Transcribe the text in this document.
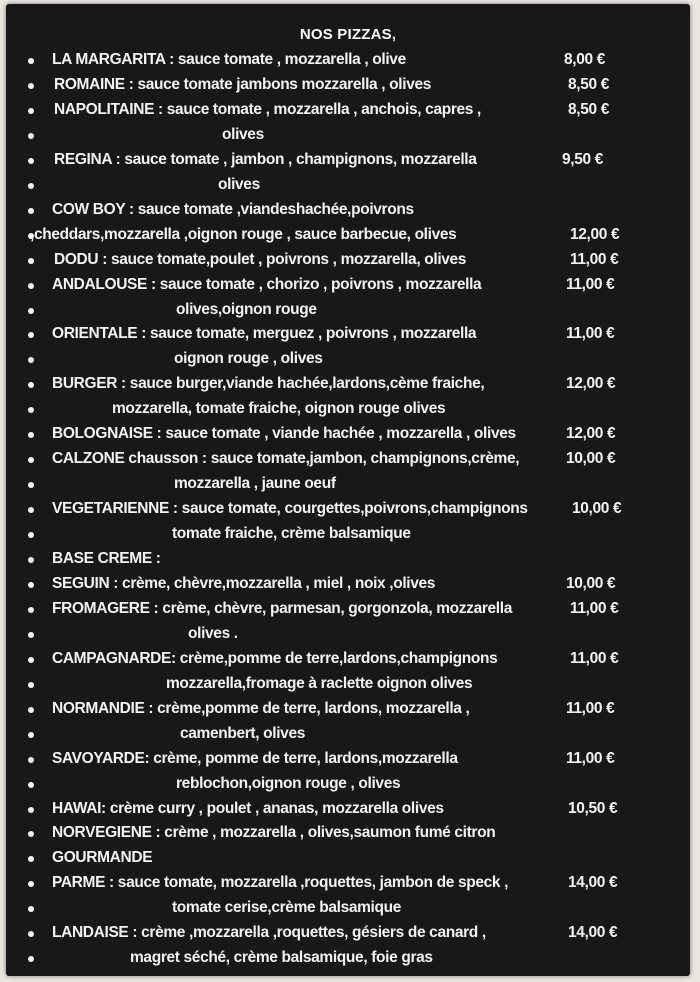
NOS PIZZAS,
LA MARGARITA : sauce tomate , mozzarella , olive	8,00 €
ROMAINE : sauce tomate jambons mozzarella , olives	8,50 €
NAPOLITAINE : sauce tomate , mozzarella , anchois, capres ,	8,50 €
olives
REGINA : sauce tomate , jambon , champignons, mozzarella	9,50 €
olives
COW BOY : sauce tomate ,viandeshachée,poivrons
,cheddars,mozzarella ,oignon rouge , sauce barbecue, olives	12,00 €
DODU : sauce tomate,poulet , poivrons , mozzarella, olives	11,00 €
ANDALOUSE : sauce tomate , chorizo , poivrons , mozzarella	11,00 €
olives,oignon rouge
ORIENTALE : sauce tomate, merguez , poivrons , mozzarella	11,00 €
oignon rouge , olives
BURGER : sauce burger,viande hachée,lardons,cème fraiche,	12,00 €
mozzarella, tomate fraiche, oignon rouge olives
BOLOGNAISE : sauce tomate , viande hachée , mozzarella , olives	12,00 €
CALZONE chausson : sauce tomate,jambon, champignons,crème,	10,00 €
mozzarella , jaune oeuf
VEGETARIENNE : sauce tomate, courgettes,poivrons,champignons	10,00 €
tomate fraiche, crème balsamique
BASE CREME :
SEGUIN : crème, chèvre,mozzarella , miel , noix ,olives	10,00 €
FROMAGERE : crème, chèvre, parmesan, gorgonzola, mozzarella	11,00 €
olives .
CAMPAGNARDE: crème,pomme de terre,lardons,champignons	11,00 €
mozzarella,fromage à raclette oignon olives
NORMANDIE : crème,pomme de terre, lardons, mozzarella ,	11,00 €
camenbert, olives
SAVOYARDE: crème, pomme de terre, lardons,mozzarella	11,00 €
reblochon,oignon rouge , olives
HAWAI: crème curry , poulet , ananas, mozzarella olives	10,50 €
NORVEGIENE : crème , mozzarella , olives,saumon fumé citron
GOURMANDE
PARME : sauce tomate, mozzarella ,roquettes, jambon de speck ,	14,00 €
tomate cerise,crème balsamique
LANDAISE : crème ,mozzarella ,roquettes, gésiers de canard ,	14,00 €
magret séché, crème balsamique, foie gras
